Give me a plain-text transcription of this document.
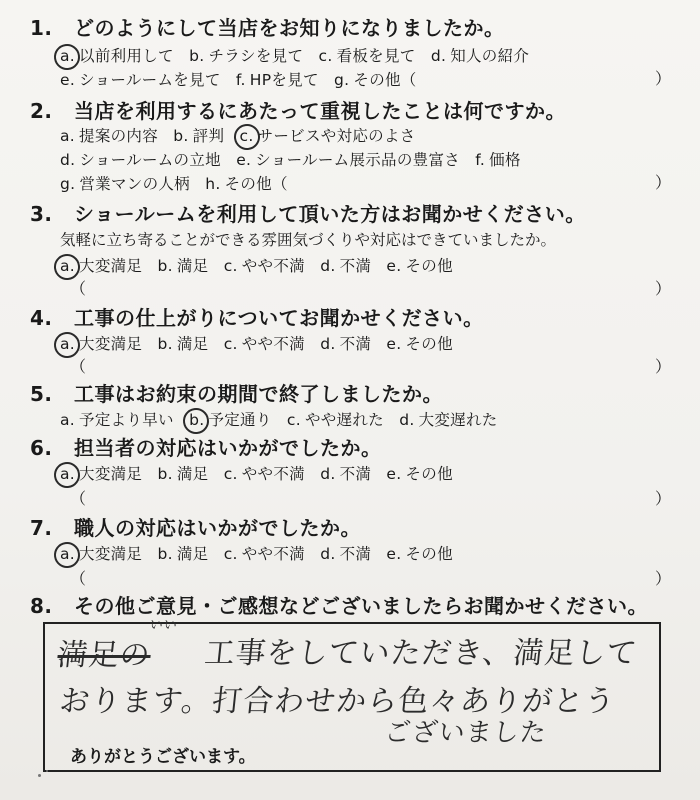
1. どのようにして当店をお知りになりましたか。
a. 以前利用して b. チラシを見て c. 看板を見て d. 知人の紹介
e. ショールームを見て f. HPを見て g. その他（	）
2. 当店を利用するにあたって重視したことは何ですか。
a. 提案の内容 b. 評判 c. サービスや対応のよさ
d. ショールームの立地 e. ショールーム展示品の豊富さ f. 価格
g. 営業マンの人柄 h. その他（	）
3. ショールームを利用して頂いた方はお聞かせください。
気軽に立ち寄ることができる雰囲気づくりや対応はできていましたか。
a. 大変満足 b. 満足 c. やや不満 d. 不満 e. その他
（	）
4. 工事の仕上がりについてお聞かせください。
a. 大変満足 b. 満足 c. やや不満 d. 不満 e. その他
（	）
5. 工事はお約束の期間で終了しましたか。
a. 予定より早い b. 予定通り c. やや遅れた d. 大変遅れた
6. 担当者の対応はいかがでしたか。
a. 大変満足 b. 満足 c. やや不満 d. 不満 e. その他
（	）
7. 職人の対応はいかがでしたか。
a. 大変満足 b. 満足 c. やや不満 d. 不満 e. その他
（	）
8. その他ご意見・ご感想などございましたらお聞かせください。
いい
満足の 工事をしていただき、満足して
おります。打合わせから色々ありがとう
ございました
ありがとうございます。
